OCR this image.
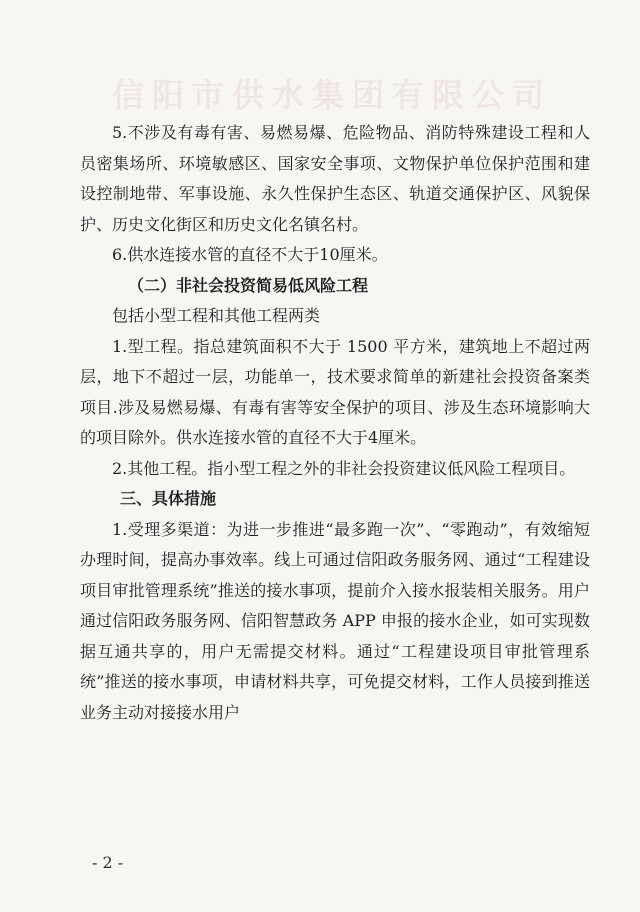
信阳市供水集团有限公司

5.不涉及有毒有害、易燃易爆、危险物品、消防特殊建设工程和人员密集场所、环境敏感区、国家安全事项、文物保护单位保护范围和建设控制地带、军事设施、永久性保护生态区、轨道交通保护区、风貌保护、历史文化街区和历史文化名镇名村。

6.供水连接水管的直径不大于10厘米。

（二）非社会投资简易低风险工程

包括小型工程和其他工程两类

1.型工程。指总建筑面积不大于 1500 平方米，建筑地上不超过两层，地下不超过一层，功能单一，技术要求简单的新建社会投资备案类项目.涉及易燃易爆、有毒有害等安全保护的项目、涉及生态环境影响大的项目除外。供水连接水管的直径不大于4厘米。

2.其他工程。指小型工程之外的非社会投资建议低风险工程项目。

三、具体措施

1.受理多渠道：为进一步推进“最多跑一次”、“零跑动”，有效缩短办理时间，提高办事效率。线上可通过信阳政务服务网、通过“工程建设项目审批管理系统”推送的接水事项，提前介入接水报装相关服务。用户通过信阳政务服务网、信阳智慧政务 APP 申报的接水企业，如可实现数据互通共享的，用户无需提交材料。通过“工程建设项目审批管理系统”推送的接水事项，申请材料共享，可免提交材料，工作人员接到推送业务主动对接接水用户

- 2 -
